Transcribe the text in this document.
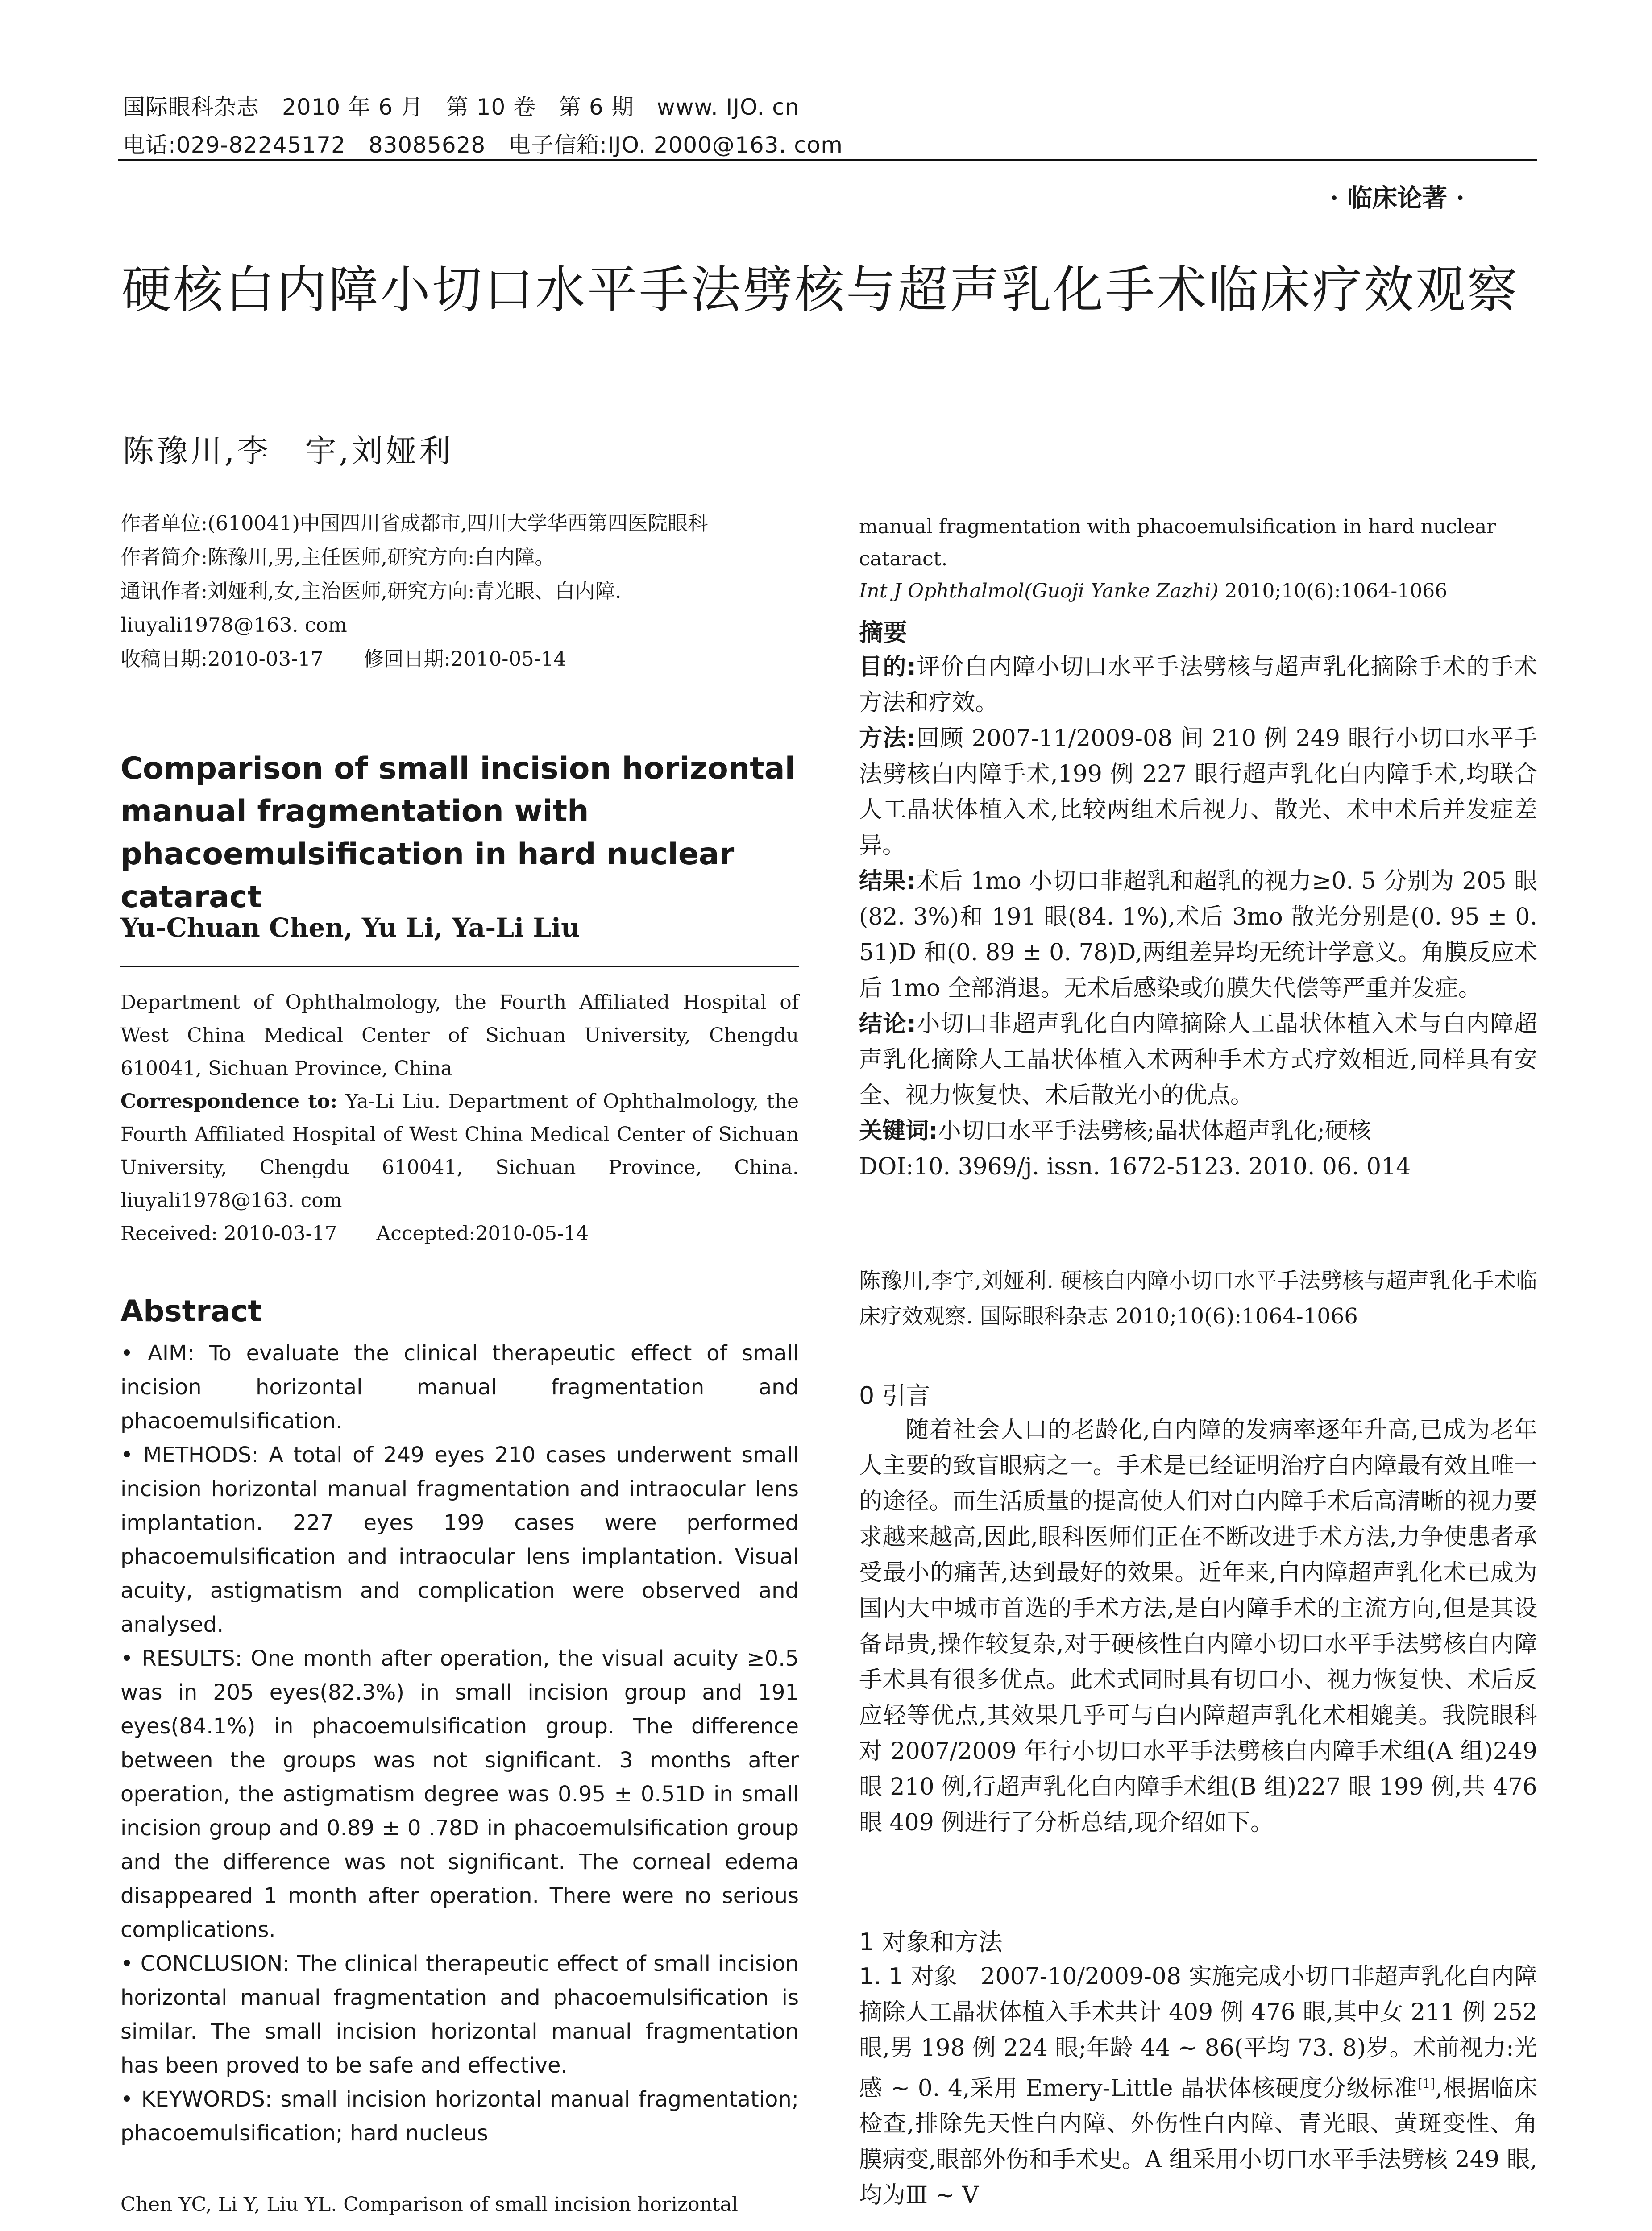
国际眼科杂志　2010 年 6 月　第 10 卷　第 6 期　www. IJO. cn
电话:029-82245172　83085628　电子信箱:IJO. 2000@163. com
· 临床论著 ·
硬核白内障小切口水平手法劈核与超声乳化手术临床疗效观察
陈豫川,李　宇,刘娅利

作者单位:(610041)中国四川省成都市,四川大学华西第四医院眼科

作者简介:陈豫川,男,主任医师,研究方向:白内障。

通讯作者:刘娅利,女,主治医师,研究方向:青光眼、白内障. liuyali1978@163. com

收稿日期:2010-03-17　　修回日期:2010-05-14

Comparison of small incision horizontal manual fragmentation with phacoemulsification in hard nuclear cataract
Yu-Chuan Chen, Yu Li, Ya-Li Liu

Department of Ophthalmology, the Fourth Affiliated Hospital of West China Medical Center of Sichuan University, Chengdu 610041, Sichuan Province, China

Correspondence to: Ya-Li Liu. Department of Ophthalmology, the Fourth Affiliated Hospital of West China Medical Center of Sichuan University, Chengdu 610041, Sichuan Province, China. liuyali1978@163. com

Received: 2010-03-17　　Accepted:2010-05-14

Abstract

• AIM: To evaluate the clinical therapeutic effect of small incision horizontal manual fragmentation and phacoemulsification.

• METHODS: A total of 249 eyes 210 cases underwent small incision horizontal manual fragmentation and intraocular lens implantation. 227 eyes 199 cases were performed phacoemulsification and intraocular lens implantation. Visual acuity, astigmatism and complication were observed and analysed.

• RESULTS: One month after operation, the visual acuity ≥0.5 was in 205 eyes(82.3%) in small incision group and 191 eyes(84.1%) in phacoemulsification group. The difference between the groups was not significant. 3 months after operation, the astigmatism degree was 0.95 ± 0.51D in small incision group and 0.89 ± 0 .78D in phacoemulsification group and the difference was not significant. The corneal edema disappeared 1 month after operation. There were no serious complications.

• CONCLUSION: The clinical therapeutic effect of small incision horizontal manual fragmentation and phacoemulsification is similar. The small incision horizontal manual fragmentation has been proved to be safe and effective.

• KEYWORDS: small incision horizontal manual fragmentation; phacoemulsification; hard nucleus

Chen YC, Li Y, Liu YL. Comparison of small incision horizontal
manual fragmentation with phacoemulsification in hard nuclear cataract.
Int J Ophthalmol(Guoji Yanke Zazhi) 2010;10(6):1064-1066
摘要

目的:评价白内障小切口水平手法劈核与超声乳化摘除手术的手术方法和疗效。

方法:回顾 2007-11/2009-08 间 210 例 249 眼行小切口水平手法劈核白内障手术,199 例 227 眼行超声乳化白内障手术,均联合人工晶状体植入术,比较两组术后视力、散光、术中术后并发症差异。

结果:术后 1mo 小切口非超乳和超乳的视力≥0. 5 分别为 205 眼(82. 3%)和 191 眼(84. 1%),术后 3mo 散光分别是(0. 95 ± 0. 51)D 和(0. 89 ± 0. 78)D,两组差异均无统计学意义。角膜反应术后 1mo 全部消退。无术后感染或角膜失代偿等严重并发症。

结论:小切口非超声乳化白内障摘除人工晶状体植入术与白内障超声乳化摘除人工晶状体植入术两种手术方式疗效相近,同样具有安全、视力恢复快、术后散光小的优点。

关键词:小切口水平手法劈核;晶状体超声乳化;硬核

DOI:10. 3969/j. issn. 1672-5123. 2010. 06. 014

陈豫川,李宇,刘娅利. 硬核白内障小切口水平手法劈核与超声乳化手术临床疗效观察. 国际眼科杂志 2010;10(6):1064-1066
0 引言
随着社会人口的老龄化,白内障的发病率逐年升高,已成为老年人主要的致盲眼病之一。手术是已经证明治疗白内障最有效且唯一的途径。而生活质量的提高使人们对白内障手术后高清晰的视力要求越来越高,因此,眼科医师们正在不断改进手术方法,力争使患者承受最小的痛苦,达到最好的效果。近年来,白内障超声乳化术已成为国内大中城市首选的手术方法,是白内障手术的主流方向,但是其设备昂贵,操作较复杂,对于硬核性白内障小切口水平手法劈核白内障手术具有很多优点。此术式同时具有切口小、视力恢复快、术后反应轻等优点,其效果几乎可与白内障超声乳化术相媲美。我院眼科对 2007/2009 年行小切口水平手法劈核白内障手术组(A 组)249 眼 210 例,行超声乳化白内障手术组(B 组)227 眼 199 例,共 476 眼 409 例进行了分析总结,现介绍如下。
1 对象和方法
1. 1 对象　 2007-10/2009-08 实施完成小切口非超声乳化白内障摘除人工晶状体植入手术共计 409 例 476 眼,其中女 211 例 252 眼,男 198 例 224 眼;年龄 44 ~ 86(平均 73. 8)岁。术前视力:光感 ~ 0. 4,采用 Emery-Little 晶状体核硬度分级标准[1],根据临床检查,排除先天性白内障、外伤性白内障、青光眼、黄斑变性、角膜病变,眼部外伤和手术史。A 组采用小切口水平手法劈核 249 眼,均为Ⅲ ~ Ⅴ
